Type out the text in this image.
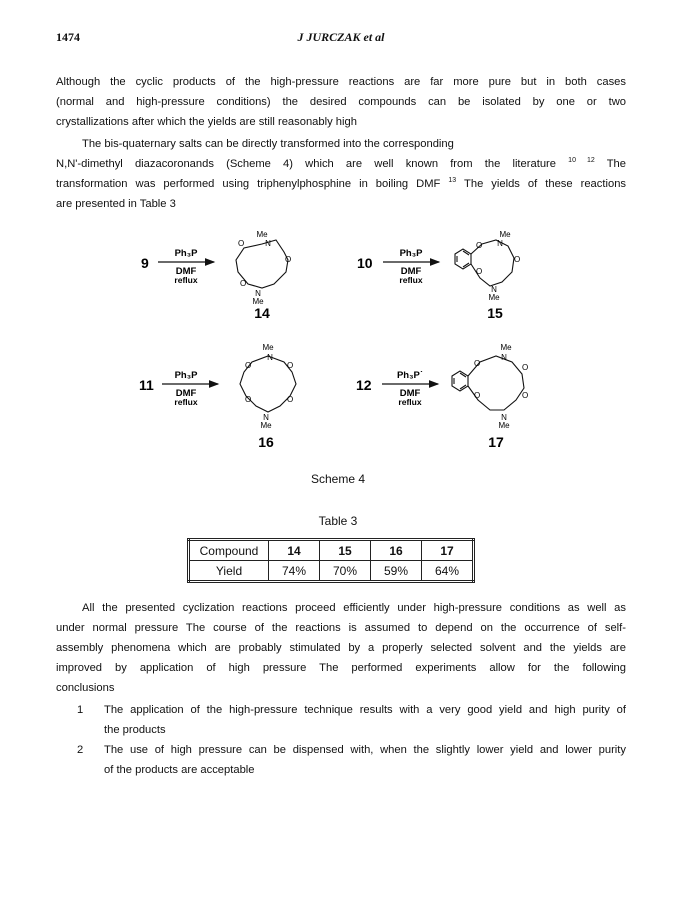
1474	J JURCZAK et al

Although the cyclic products of the high-pressure reactions are far more pure but in both cases

(normal and high-pressure conditions) the desired compounds can be isolated by one or two

crystallizations after which the yields are still reasonably high

The bis-quaternary salts can be directly transformed into the corresponding

N,N'-dimethyl diazacoronands (Scheme 4) which are well known from the literature $^{10 12}$ The

transformation was performed using triphenylphosphine in boiling DMF $^{13}$ The yields of these reactions

are presented in Table 3

9
Ph₃P
DMF
reflux
Me
N
N
Me
O
O
O
14
10
Ph₃P
DMF
reflux
Me
N
N
Me
O
O
O
15
11
Ph₃P
DMF
reflux
Me
N
N
Me
O	O
O	O
16
12
Ph₃P˙
DMF
reflux
Me
N
N
Me
O	O
O	O
17
Scheme 4
Table 3
Compound	14	15	16	17
Yield	74%	70%	59%	64%

All the presented cyclization reactions proceed efficiently under high-pressure conditions as well as

under normal pressure The course of the reactions is assumed to depend on the occurrence of self-

assembly phenomena which are probably stimulated by a properly selected solvent and the yields are

improved by application of high pressure The performed experiments allow for the following

conclusions

1 The application of the high-pressure technique results with a very good yield and high purity of

the products

2 The use of high pressure can be dispensed with, when the slightly lower yield and lower purity

of the products are acceptable
